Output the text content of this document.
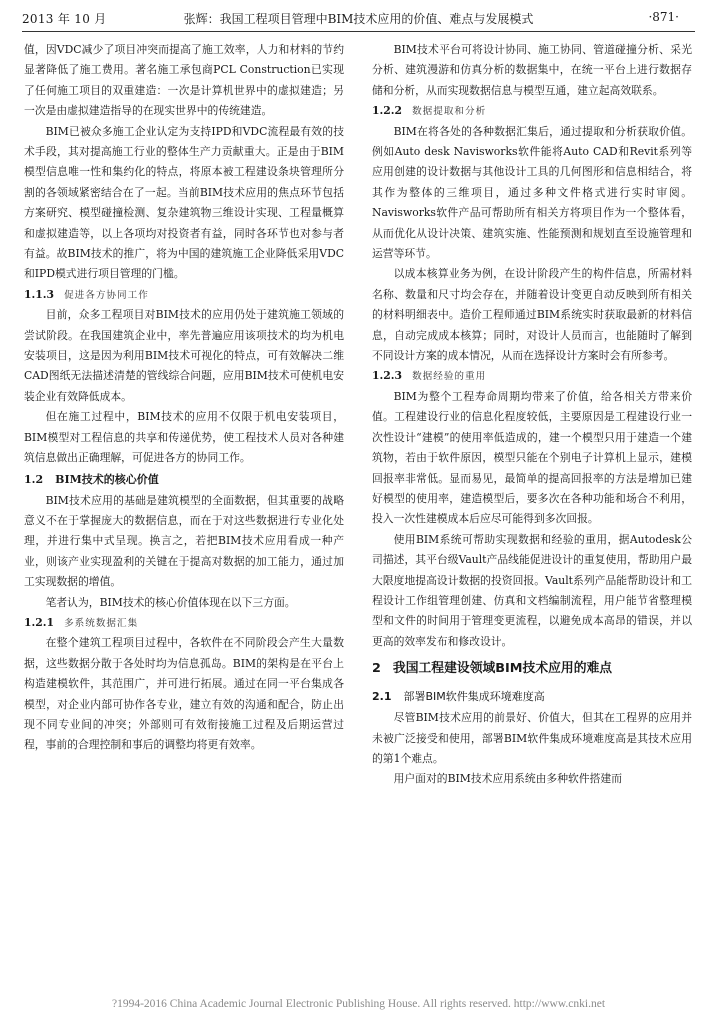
2013 年 10 月	张辉：我国工程项目管理中BIM技术应用的价值、难点与发展模式	·871·

值，因VDC减少了项目冲突而提高了施工效率，人力和材料的节约显著降低了施工费用。著名施工承包商PCL Construction已实现了任何施工项目的双重建造：一次是计算机世界中的虚拟建造；另一次是由虚拟建造指导的在现实世界中的传统建造。

BIM已被众多施工企业认定为支持IPD和VDC流程最有效的技术手段，其对提高施工行业的整体生产力贡献重大。正是由于BIM模型信息唯一性和集约化的特点，将原本被工程建设条块管理所分割的各领域紧密结合在了一起。当前BIM技术应用的焦点环节包括方案研究、模型碰撞检测、复杂建筑物三维设计实现、工程量概算和虚拟建造等，以上各项均对投资者有益，同时各环节也对参与者有益。故BIM技术的推广，将为中国的建筑施工企业降低采用VDC和IPD模式进行项目管理的门槛。

1.1.3 促进各方协同工作

目前，众多工程项目对BIM技术的应用仍处于建筑施工领域的尝试阶段。在我国建筑企业中，率先普遍应用该项技术的均为机电安装项目，这是因为利用BIM技术可视化的特点，可有效解决二维CAD图纸无法描述清楚的管线综合问题，应用BIM技术可使机电安装企业有效降低成本。

但在施工过程中，BIM技术的应用不仅限于机电安装项目，BIM模型对工程信息的共享和传递优势，使工程技术人员对各种建筑信息做出正确理解，可促进各方的协同工作。

1.2 BIM技术的核心价值

BIM技术应用的基础是建筑模型的全面数据，但其重要的战略意义不在于掌握庞大的数据信息，而在于对这些数据进行专业化处理，并进行集中式呈现。换言之，若把BIM技术应用看成一种产业，则该产业实现盈利的关键在于提高对数据的加工能力，通过加工实现数据的增值。

笔者认为，BIM技术的核心价值体现在以下三方面。

1.2.1 多系统数据汇集

在整个建筑工程项目过程中，各软件在不同阶段会产生大量数据，这些数据分散于各处时均为信息孤岛。BIM的架构是在平台上构造建模软件，其范围广，并可进行拓展。通过在同一平台集成各模型，对企业内部可协作各专业，建立有效的沟通和配合，防止出现不同专业间的冲突；外部则可有效衔接施工过程及后期运营过程，事前的合理控制和事后的调整均将更有效率。

BIM技术平台可将设计协同、施工协同、管道碰撞分析、采光分析、建筑漫游和仿真分析的数据集中，在统一平台上进行数据存储和分析，从而实现数据信息与模型互通，建立起高效联系。

1.2.2 数据提取和分析

BIM在将各处的各种数据汇集后，通过提取和分析获取价值。例如Auto desk Navisworks软件能将Auto CAD和Revit系列等应用创建的设计数据与其他设计工具的几何图形和信息相结合，将其作为整体的三维项目，通过多种文件格式进行实时审阅。Navisworks软件产品可帮助所有相关方将项目作为一个整体看，从而优化从设计决策、建筑实施、性能预测和规划直至设施管理和运营等环节。

以成本核算业务为例，在设计阶段产生的构件信息，所需材料名称、数量和尺寸均会存在，并随着设计变更自动反映到所有相关的材料明细表中。造价工程师通过BIM系统实时获取最新的材料信息，自动完成成本核算；同时，对设计人员而言，也能随时了解到不同设计方案的成本情况，从而在选择设计方案时会有所参考。

1.2.3 数据经验的重用

BIM为整个工程寿命周期均带来了价值，给各相关方带来价值。工程建设行业的信息化程度较低，主要原因是工程建设行业一次性设计“建模”的使用率低造成的，建一个模型只用于建造一个建筑物，若由于软件原因，模型只能在个别电子计算机上显示，建模回报率非常低。显而易见，最简单的提高回报率的方法是增加已建好模型的使用率，建造模型后，要多次在各种功能和场合不利用，投入一次性建模成本后应尽可能得到多次回报。

使用BIM系统可帮助实现数据和经验的重用，据Autodesk公司描述，其平台级Vault产品线能促进设计的重复使用，帮助用户最大限度地提高设计数据的投资回报。Vault系列产品能帮助设计和工程设计工作组管理创建、仿真和文档编制流程，用户能节省整理模型和文件的时间用于管理变更流程，以避免成本高昂的错误，并以更高的效率发布和修改设计。

2 我国工程建设领域BIM技术应用的难点
2.1 部署BIM软件集成环境难度高

尽管BIM技术应用的前景好、价值大，但其在工程界的应用并未被广泛接受和使用，部署BIM软件集成环境难度高是其技术应用的第1个难点。

用户面对的BIM技术应用系统由多种软件搭建而

?1994-2016 China Academic Journal Electronic Publishing House. All rights reserved. http://www.cnki.net
